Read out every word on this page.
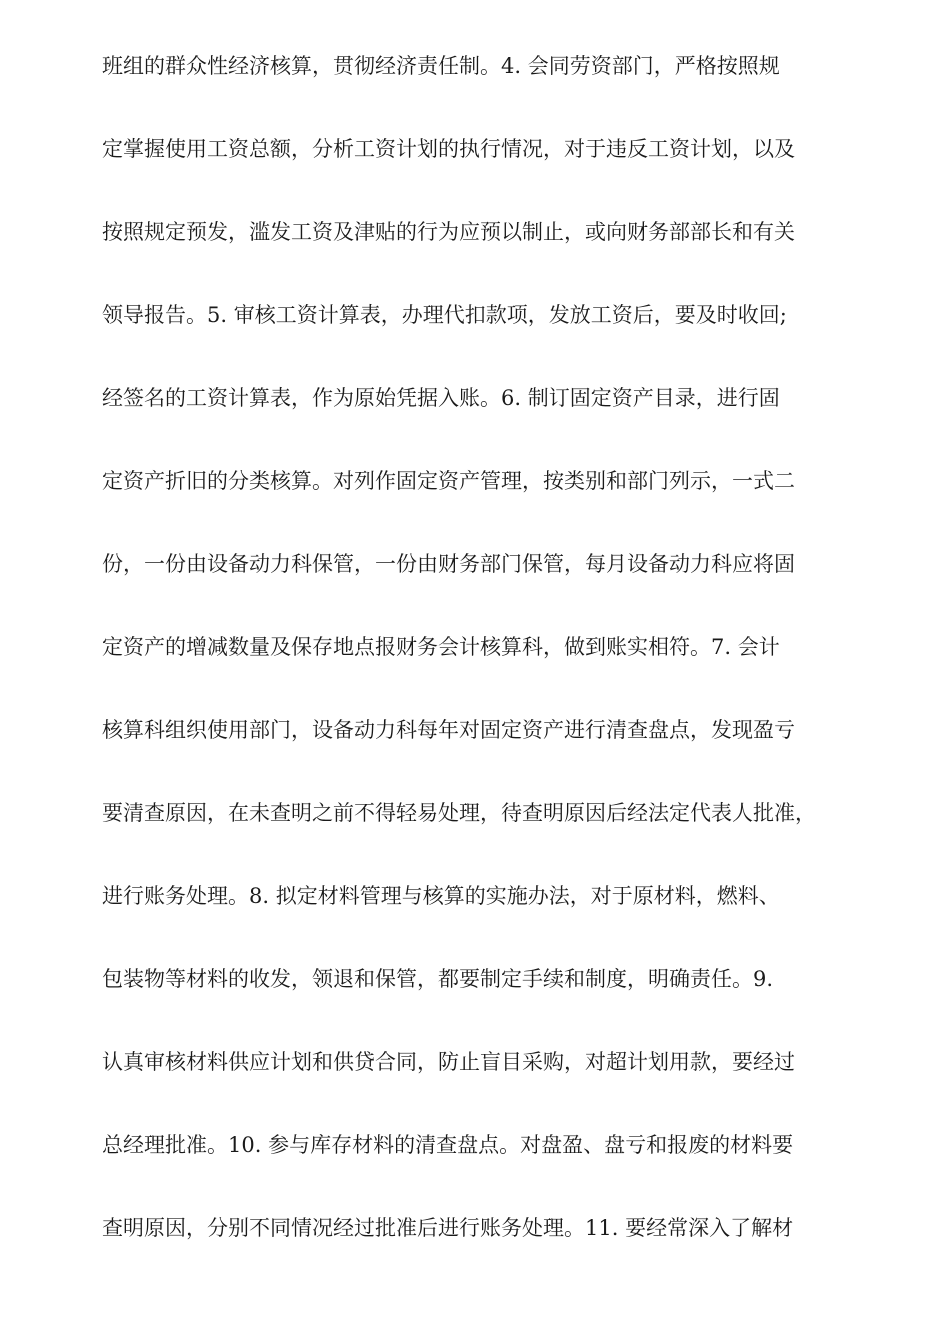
班组的群众性经济核算，贯彻经济责任制。4. 会同劳资部门，严格按照规

定掌握使用工资总额，分析工资计划的执行情况，对于违反工资计划，以及

按照规定预发，滥发工资及津贴的行为应预以制止，或向财务部部长和有关

领导报告。5. 审核工资计算表，办理代扣款项，发放工资后，要及时收回;

经签名的工资计算表，作为原始凭据入账。6. 制订固定资产目录，进行固

定资产折旧的分类核算。对列作固定资产管理，按类别和部门列示，一式二

份，一份由设备动力科保管，一份由财务部门保管，每月设备动力科应将固

定资产的增减数量及保存地点报财务会计核算科，做到账实相符。7. 会计

核算科组织使用部门，设备动力科每年对固定资产进行清查盘点，发现盈亏

要清查原因，在未查明之前不得轻易处理，待查明原因后经法定代表人批准，

进行账务处理。8. 拟定材料管理与核算的实施办法，对于原材料，燃料、

包装物等材料的收发，领退和保管，都要制定手续和制度，明确责任。9.

认真审核材料供应计划和供贷合同，防止盲目采购，对超计划用款，要经过

总经理批准。10. 参与库存材料的清查盘点。对盘盈、盘亏和报废的材料要

查明原因，分别不同情况经过批准后进行账务处理。11. 要经常深入了解材
